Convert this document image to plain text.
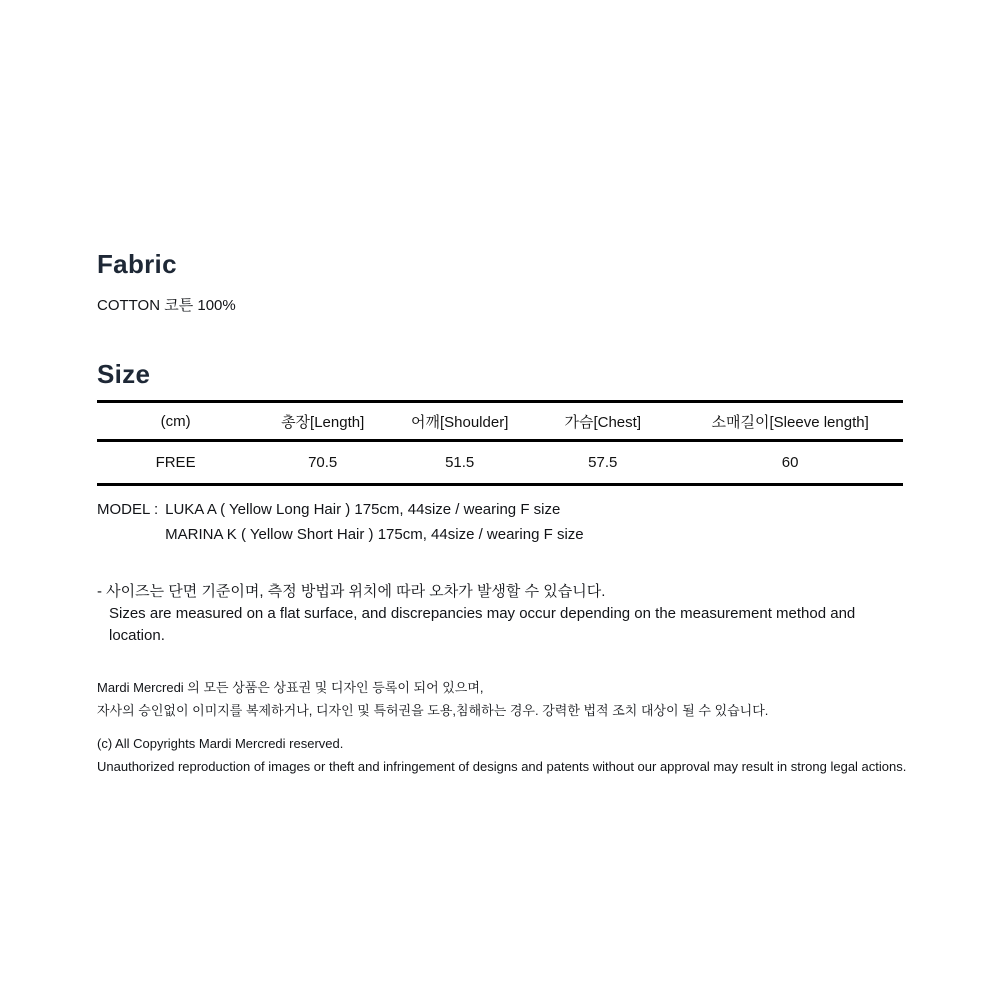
Fabric

COTTON 코튼 100%

Size
(cm)	총장[Length]	어깨[Shoulder]	가슴[Chest]	소매길이[Sleeve length]
FREE	70.5	51.5	57.5	60
MODEL : LUKA A ( Yellow Long Hair ) 175cm, 44size / wearing F size
MARINA K ( Yellow Short Hair ) 175cm, 44size / wearing F size
- 사이즈는 단면 기준이며, 측정 방법과 위치에 따라 오차가 발생할 수 있습니다.
Sizes are measured on a flat surface, and discrepancies may occur depending on the measurement method and location.
Mardi Mercredi 의 모든 상품은 상표권 및 디자인 등록이 되어 있으며,
자사의 승인없이 이미지를 복제하거나, 디자인 및 특허권을 도용,침해하는 경우. 강력한 법적 조치 대상이 될 수 있습니다.
(c) All Copyrights Mardi Mercredi reserved.
Unauthorized reproduction of images or theft and infringement of designs and patents without our approval may result in strong legal actions.
